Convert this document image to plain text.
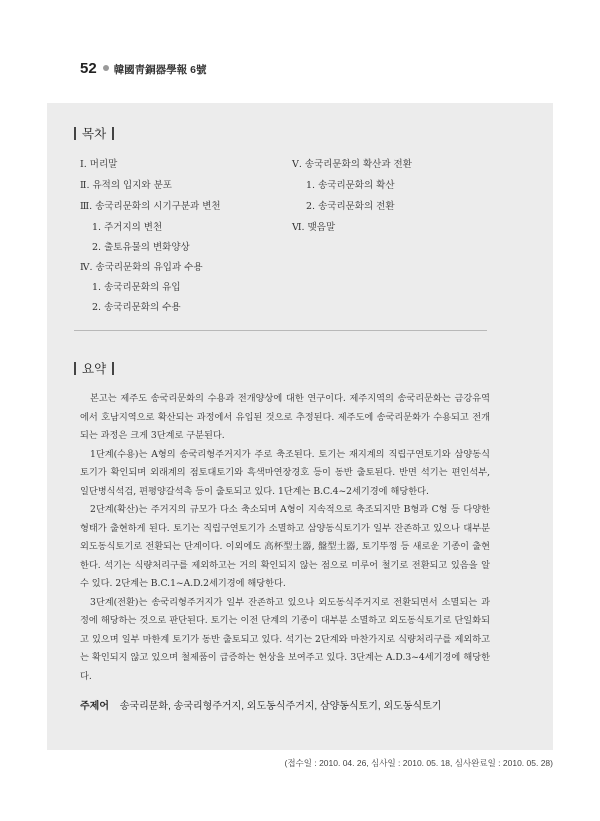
52 韓國靑銅器學報 6號
목차
Ⅰ. 머리말
Ⅱ. 유적의 입지와 분포
Ⅲ. 송국리문화의 시기구분과 변천
1. 주거지의 변천
2. 출토유물의 변화양상
Ⅳ. 송국리문화의 유입과 수용
1. 송국리문화의 유입
2. 송국리문화의 수용
Ⅴ. 송국리문화의 확산과 전환
1. 송국리문화의 확산
2. 송국리문화의 전환
Ⅵ. 맺음말
요약

본고는 제주도 송국리문화의 수용과 전개양상에 대한 연구이다. 제주지역의 송국리문화는 금강유역에서 호남지역으로 확산되는 과정에서 유입된 것으로 추정된다. 제주도에 송국리문화가 수용되고 전개되는 과정은 크게 3단계로 구분된다.

1단계(수용)는 A형의 송국리형주거지가 주로 축조된다. 토기는 재지계의 직립구연토기와 삼양동식토기가 확인되며 외래계의 점토대토기와 흑색마연장경호 등이 동반 출토된다. 반면 석기는 편인석부, 일단병식석검, 편평양갈석촉 등이 출토되고 있다. 1단계는 B.C.4~2세기경에 해당한다.

2단계(확산)는 주거지의 규모가 다소 축소되며 A형이 지속적으로 축조되지만 B형과 C형 등 다양한 형태가 출현하게 된다. 토기는 직립구연토기가 소멸하고 삼양동식토기가 일부 잔존하고 있으나 대부분 외도동식토기로 전환되는 단계이다. 이외에도 高杯型土器, 盤型土器, 토기뚜껑 등 새로운 기종이 출현한다. 석기는 식량처리구를 제외하고는 거의 확인되지 않는 점으로 미루어 철기로 전환되고 있음을 알 수 있다. 2단계는 B.C.1~A.D.2세기경에 해당한다.

3단계(전환)는 송국리형주거지가 일부 잔존하고 있으나 외도동식주거지로 전환되면서 소멸되는 과정에 해당하는 것으로 판단된다. 토기는 이전 단계의 기종이 대부분 소멸하고 외도동식토기로 단일화되고 있으며 일부 마한계 토기가 동반 출토되고 있다. 석기는 2단계와 마찬가지로 식량처리구를 제외하고는 확인되지 않고 있으며 철제품이 급증하는 현상을 보여주고 있다. 3단계는 A.D.3~4세기경에 해당한다.

주제어 송국리문화, 송국리형주거지, 외도동식주거지, 삼양동식토기, 외도동식토기
(접수일 : 2010. 04. 26, 심사일 : 2010. 05. 18, 심사완료일 : 2010. 05. 28)
